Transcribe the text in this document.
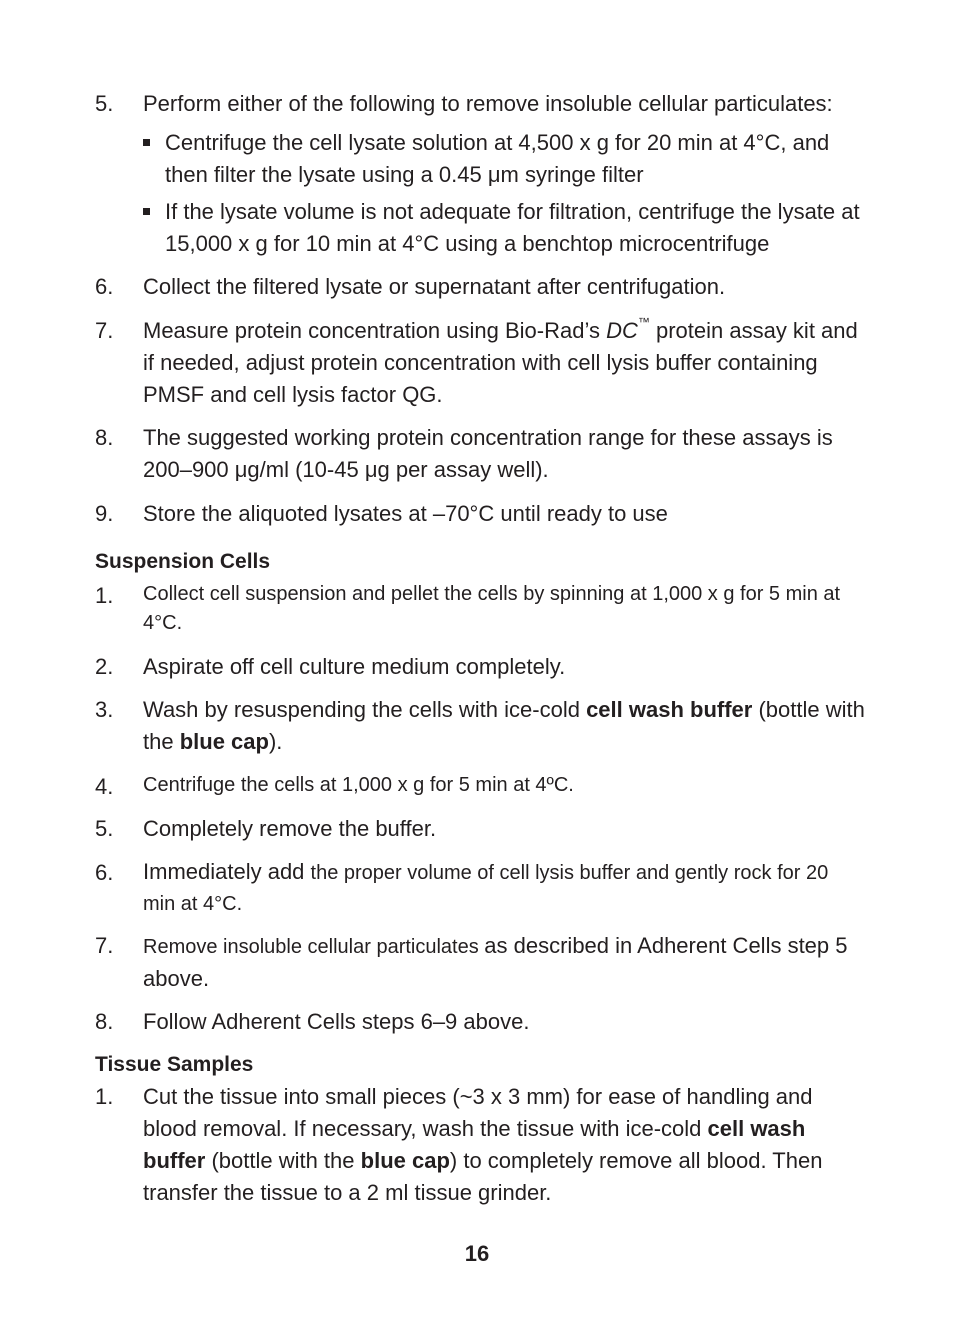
5.	Perform either of the following to remove insoluble cellular particulates:
Centrifuge the cell lysate solution at 4,500 x g for 20 min at 4°C, and then filter the lysate using a 0.45 μm syringe filter
If the lysate volume is not adequate for filtration, centrifuge the lysate at 15,000 x g for 10 min at 4°C using a benchtop microcentrifuge
6.	Collect the filtered lysate or supernatant after centrifugation.
7.	Measure protein concentration using Bio-Rad’s DC™ protein assay kit and if needed, adjust protein concentration with cell lysis buffer containing PMSF and cell lysis factor QG.
8.	The suggested working protein concentration range for these assays is 200–900 μg/ml (10-45 μg per assay well).
9.	Store the aliquoted lysates at –70°C until ready to use
Suspension Cells
1.	Collect cell suspension and pellet the cells by spinning at 1,000 x g for 5 min at 4°C.
2.	Aspirate off cell culture medium completely.
3.	Wash by resuspending the cells with ice-cold cell wash buffer (bottle with the blue cap).
4.	Centrifuge the cells at 1,000 x g for 5 min at 4ºC.
5.	Completely remove the buffer.
6.	Immediately add the proper volume of cell lysis buffer and gently rock for 20 min at 4°C.
7.	Remove insoluble cellular particulates as described in Adherent Cells step 5 above.
8.	Follow Adherent Cells steps 6–9 above.
Tissue Samples
1.	Cut the tissue into small pieces (~3 x 3 mm) for ease of handling and blood removal. If necessary, wash the tissue with ice-cold cell wash buffer (bottle with the blue cap) to completely remove all blood. Then transfer the tissue to a 2 ml tissue grinder.
16
